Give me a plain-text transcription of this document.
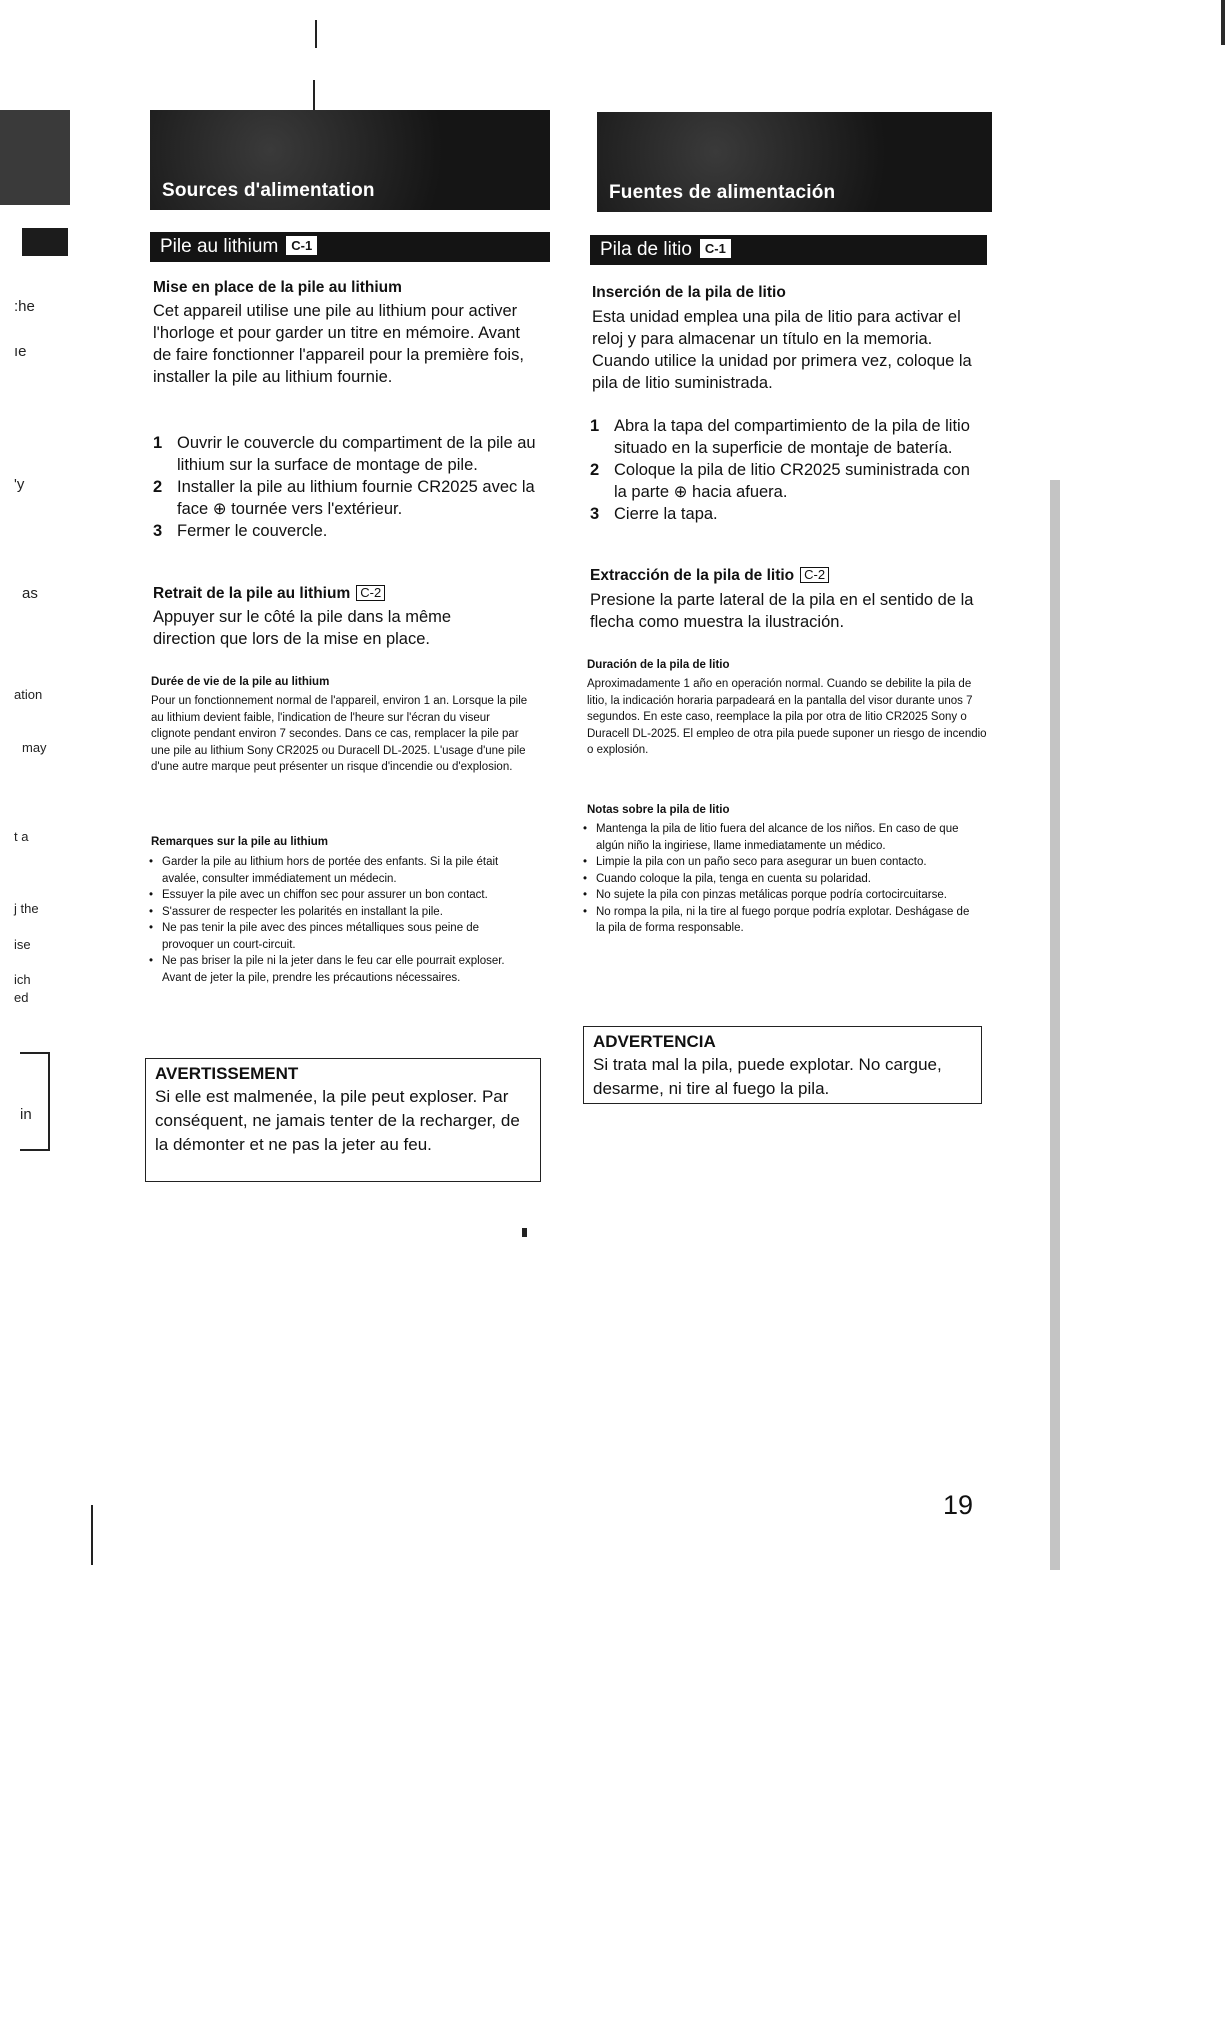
:he
ıe
'y
as
ation
may
t a
j the
ise
ich
ed
in
Sources d'alimentation
Pile au lithium C-1
Mise en place de la pile au lithium
Cet appareil utilise une pile au lithium pour activer l'horloge et pour garder un titre en mémoire. Avant de faire fonctionner l'appareil pour la première fois, installer la pile au lithium fournie.
1 Ouvrir le couvercle du compartiment de la pile au lithium sur la surface de montage de pile.
2 Installer la pile au lithium fournie CR2025 avec la face ⊕ tournée vers l'extérieur.
3 Fermer le couvercle.
Retrait de la pile au lithium C-2
Appuyer sur le côté la pile dans la même direction que lors de la mise en place.
Durée de vie de la pile au lithium
Pour un fonctionnement normal de l'appareil, environ 1 an. Lorsque la pile au lithium devient faible, l'indication de l'heure sur l'écran du viseur clignote pendant environ 7 secondes. Dans ce cas, remplacer la pile par une pile au lithium Sony CR2025 ou Duracell DL-2025. L'usage d'une pile d'une autre marque peut présenter un risque d'incendie ou d'explosion.
Remarques sur la pile au lithium
• Garder la pile au lithium hors de portée des enfants. Si la pile était avalée, consulter immédiatement un médecin.
• Essuyer la pile avec un chiffon sec pour assurer un bon contact.
• S'assurer de respecter les polarités en installant la pile.
• Ne pas tenir la pile avec des pinces métalliques sous peine de provoquer un court-circuit.
• Ne pas briser la pile ni la jeter dans le feu car elle pourrait exploser. Avant de jeter la pile, prendre les précautions nécessaires.
AVERTISSEMENT
Si elle est malmenée, la pile peut exploser. Par conséquent, ne jamais tenter de la recharger, de la démonter et ne pas la jeter au feu.
Fuentes de alimentación
Pila de litio C-1
Inserción de la pila de litio
Esta unidad emplea una pila de litio para activar el reloj y para almacenar un título en la memoria. Cuando utilice la unidad por primera vez, coloque la pila de litio suministrada.
1 Abra la tapa del compartimiento de la pila de litio situado en la superficie de montaje de batería.
2 Coloque la pila de litio CR2025 suministrada con la parte ⊕ hacia afuera.
3 Cierre la tapa.
Extracción de la pila de litio C-2
Presione la parte lateral de la pila en el sentido de la flecha como muestra la ilustración.
Duración de la pila de litio
Aproximadamente 1 año en operación normal. Cuando se debilite la pila de litio, la indicación horaria parpadeará en la pantalla del visor durante unos 7 segundos. En este caso, reemplace la pila por otra de litio CR2025 Sony o Duracell DL-2025. El empleo de otra pila puede suponer un riesgo de incendio o explosión.
Notas sobre la pila de litio
• Mantenga la pila de litio fuera del alcance de los niños. En caso de que algún niño la ingiriese, llame inmediatamente un médico.
• Limpie la pila con un paño seco para asegurar un buen contacto.
• Cuando coloque la pila, tenga en cuenta su polaridad.
• No sujete la pila con pinzas metálicas porque podría cortocircuitarse.
• No rompa la pila, ni la tire al fuego porque podría explotar. Deshágase de la pila de forma responsable.
ADVERTENCIA
Si trata mal la pila, puede explotar. No cargue, desarme, ni tire al fuego la pila.
19
